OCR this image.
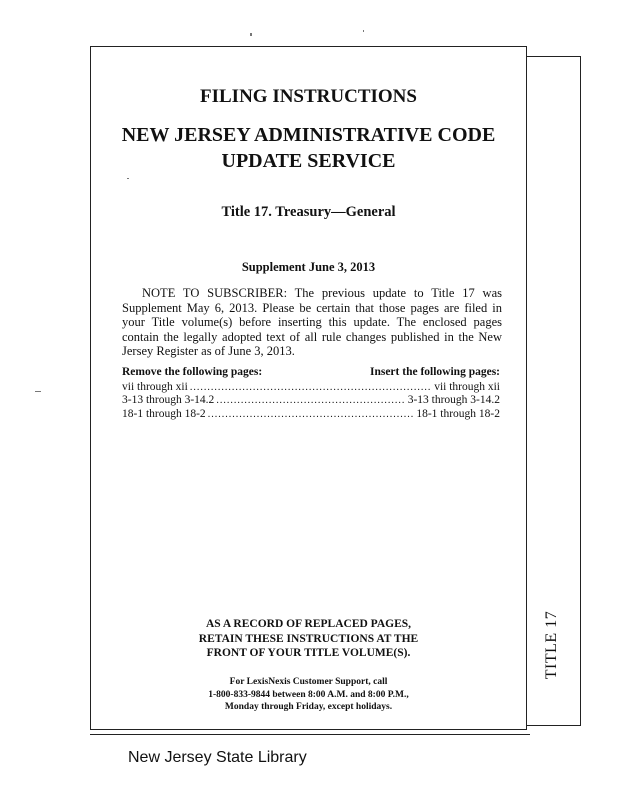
TITLE 17
FILING INSTRUCTIONS
NEW JERSEY ADMINISTRATIVE CODE
UPDATE SERVICE
Title 17. Treasury—General
Supplement June 3, 2013
NOTE TO SUBSCRIBER: The previous update to Title 17 was Supplement May 6, 2013. Please be certain that those pages are filed in your Title volume(s) before inserting this update. The enclosed pages contain the legally adopted text of all rule changes published in the New Jersey Register as of June 3, 2013.
Remove the following pages:	Insert the following pages:
vii through xii .....	vii through xii
3-13 through 3-14.2 .....	3-13 through 3-14.2
18-1 through 18-2 .....	18-1 through 18-2
AS A RECORD OF REPLACED PAGES,
RETAIN THESE INSTRUCTIONS AT THE
FRONT OF YOUR TITLE VOLUME(S).
For LexisNexis Customer Support, call
1-800-833-9844 between 8:00 A.M. and 8:00 P.M.,
Monday through Friday, except holidays.
New Jersey State Library
